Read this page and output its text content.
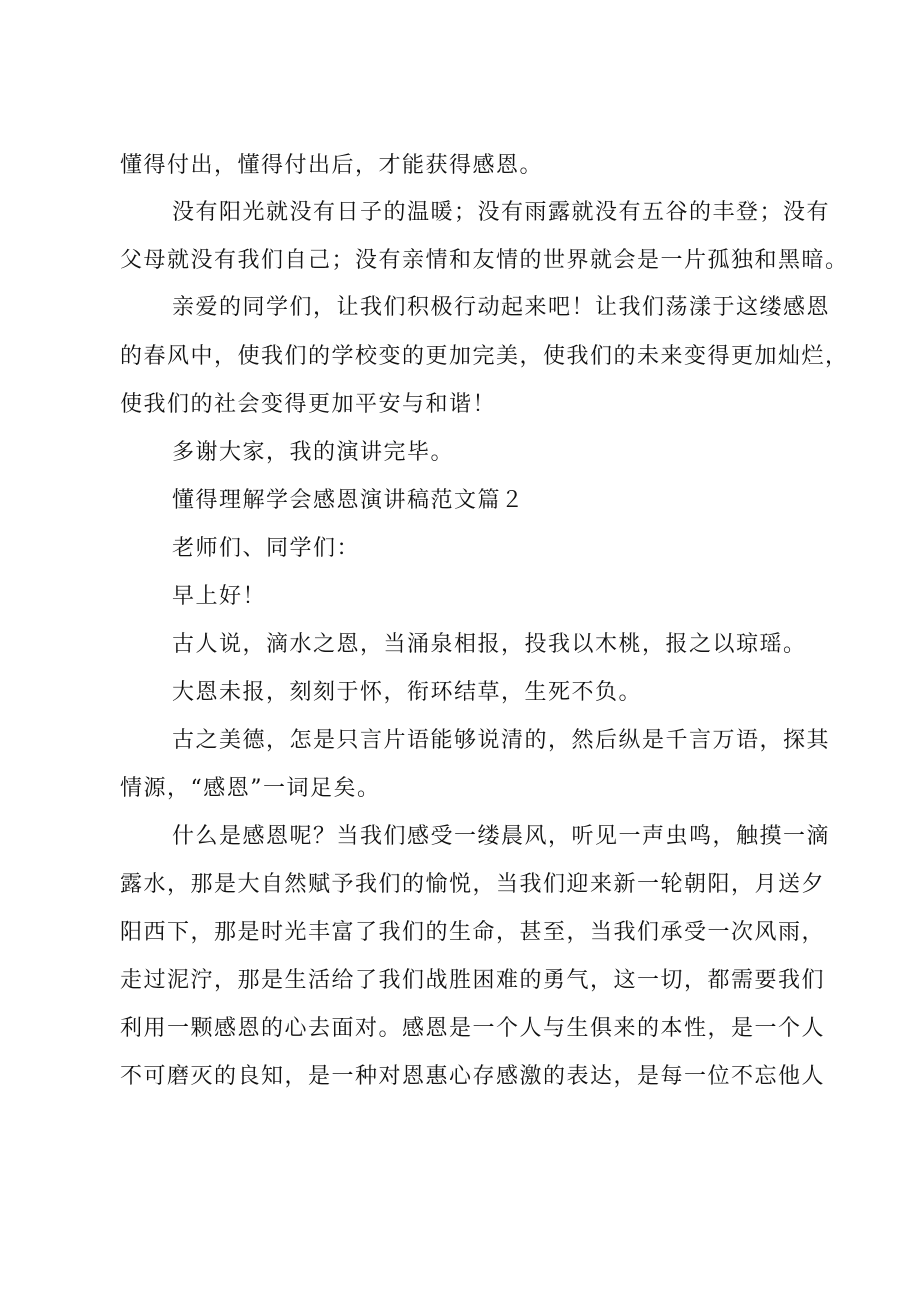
懂得付出，懂得付出后，才能获得感恩。
没有阳光就没有日子的温暖；没有雨露就没有五谷的丰登；没有
父母就没有我们自己；没有亲情和友情的世界就会是一片孤独和黑暗。
亲爱的同学们，让我们积极行动起来吧！让我们荡漾于这缕感恩
的春风中，使我们的学校变的更加完美，使我们的未来变得更加灿烂，
使我们的社会变得更加平安与和谐！
多谢大家，我的演讲完毕。
懂得理解学会感恩演讲稿范文篇２
老师们、同学们：
早上好！
古人说，滴水之恩，当涌泉相报，投我以木桃，报之以琼瑶。
大恩未报，刻刻于怀，衔环结草，生死不负。
古之美德，怎是只言片语能够说清的，然后纵是千言万语，探其
情源，“感恩”一词足矣。
什么是感恩呢？当我们感受一缕晨风，听见一声虫鸣，触摸一滴
露水，那是大自然赋予我们的愉悦，当我们迎来新一轮朝阳，月送夕
阳西下，那是时光丰富了我们的生命，甚至，当我们承受一次风雨，
走过泥泞，那是生活给了我们战胜困难的勇气，这一切，都需要我们
利用一颗感恩的心去面对。感恩是一个人与生俱来的本性，是一个人
不可磨灭的良知，是一种对恩惠心存感激的表达，是每一位不忘他人
